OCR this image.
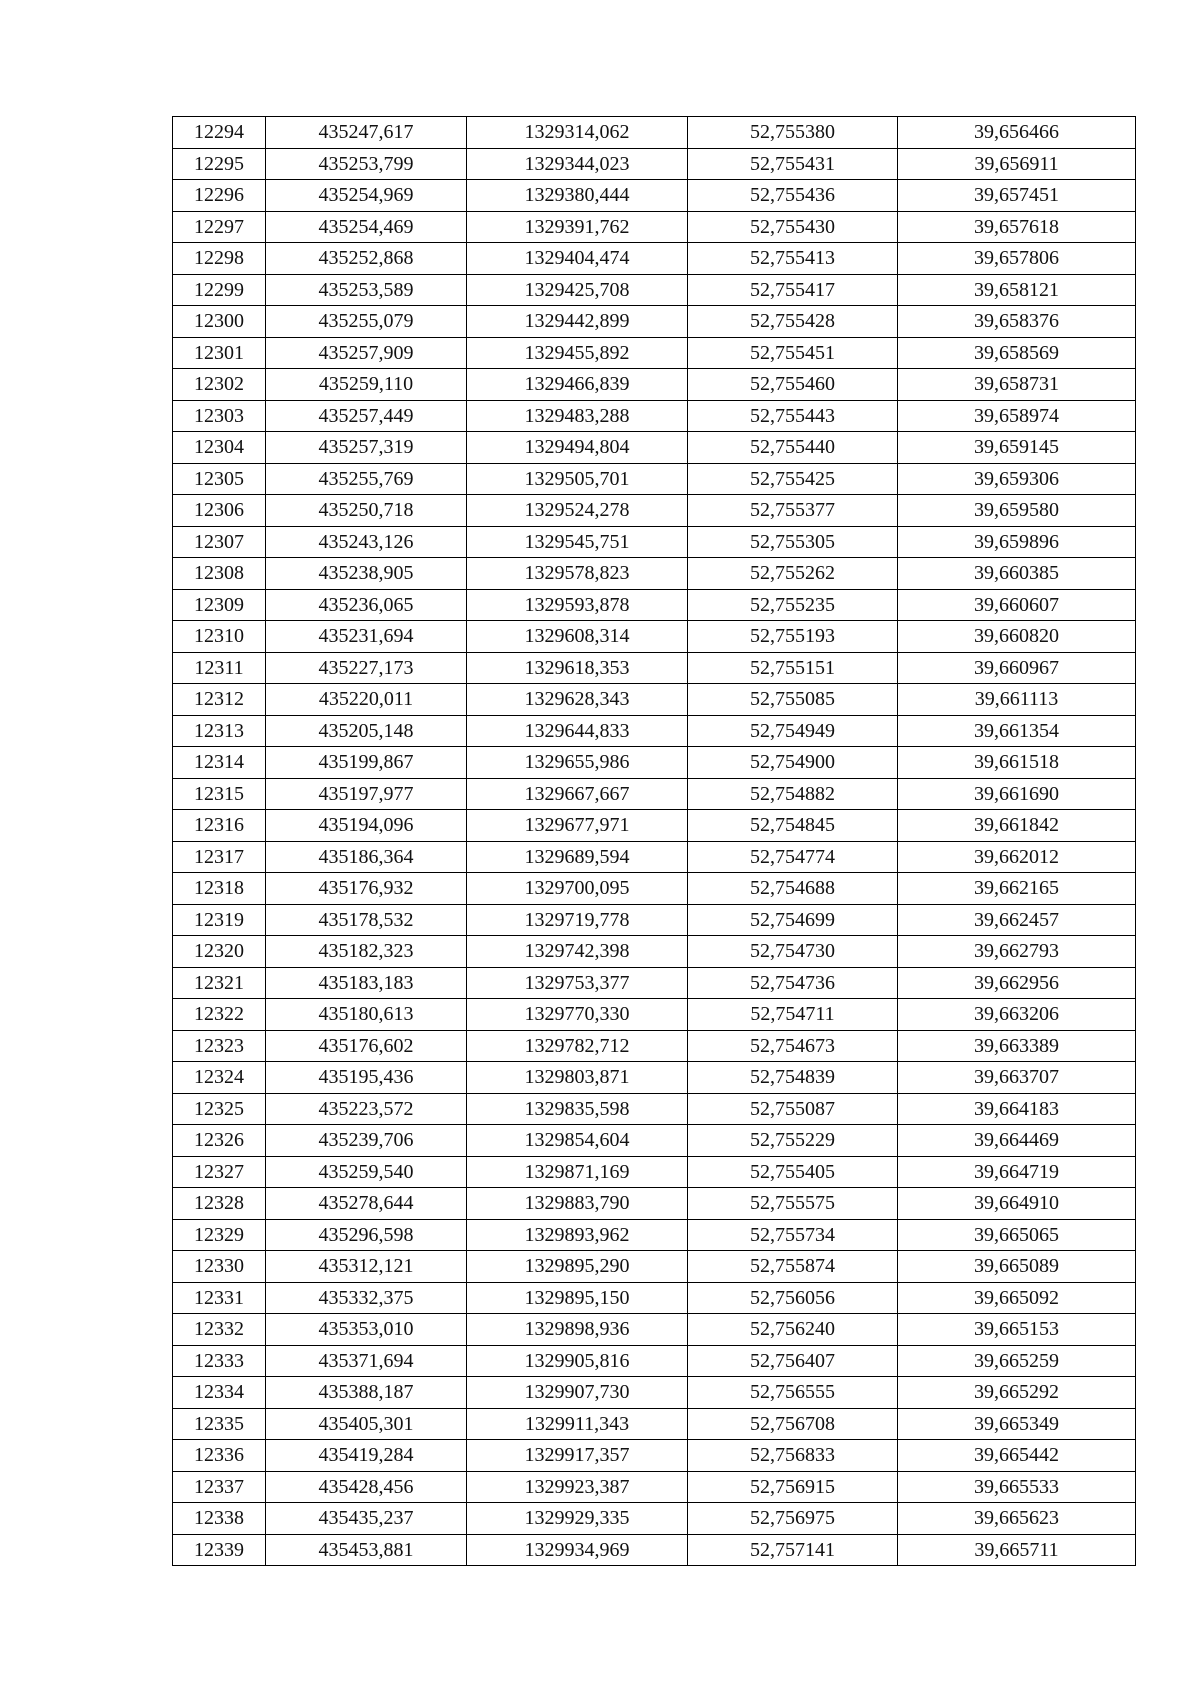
12294	435247,617	1329314,062	52,755380	39,656466
12295	435253,799	1329344,023	52,755431	39,656911
12296	435254,969	1329380,444	52,755436	39,657451
12297	435254,469	1329391,762	52,755430	39,657618
12298	435252,868	1329404,474	52,755413	39,657806
12299	435253,589	1329425,708	52,755417	39,658121
12300	435255,079	1329442,899	52,755428	39,658376
12301	435257,909	1329455,892	52,755451	39,658569
12302	435259,110	1329466,839	52,755460	39,658731
12303	435257,449	1329483,288	52,755443	39,658974
12304	435257,319	1329494,804	52,755440	39,659145
12305	435255,769	1329505,701	52,755425	39,659306
12306	435250,718	1329524,278	52,755377	39,659580
12307	435243,126	1329545,751	52,755305	39,659896
12308	435238,905	1329578,823	52,755262	39,660385
12309	435236,065	1329593,878	52,755235	39,660607
12310	435231,694	1329608,314	52,755193	39,660820
12311	435227,173	1329618,353	52,755151	39,660967
12312	435220,011	1329628,343	52,755085	39,661113
12313	435205,148	1329644,833	52,754949	39,661354
12314	435199,867	1329655,986	52,754900	39,661518
12315	435197,977	1329667,667	52,754882	39,661690
12316	435194,096	1329677,971	52,754845	39,661842
12317	435186,364	1329689,594	52,754774	39,662012
12318	435176,932	1329700,095	52,754688	39,662165
12319	435178,532	1329719,778	52,754699	39,662457
12320	435182,323	1329742,398	52,754730	39,662793
12321	435183,183	1329753,377	52,754736	39,662956
12322	435180,613	1329770,330	52,754711	39,663206
12323	435176,602	1329782,712	52,754673	39,663389
12324	435195,436	1329803,871	52,754839	39,663707
12325	435223,572	1329835,598	52,755087	39,664183
12326	435239,706	1329854,604	52,755229	39,664469
12327	435259,540	1329871,169	52,755405	39,664719
12328	435278,644	1329883,790	52,755575	39,664910
12329	435296,598	1329893,962	52,755734	39,665065
12330	435312,121	1329895,290	52,755874	39,665089
12331	435332,375	1329895,150	52,756056	39,665092
12332	435353,010	1329898,936	52,756240	39,665153
12333	435371,694	1329905,816	52,756407	39,665259
12334	435388,187	1329907,730	52,756555	39,665292
12335	435405,301	1329911,343	52,756708	39,665349
12336	435419,284	1329917,357	52,756833	39,665442
12337	435428,456	1329923,387	52,756915	39,665533
12338	435435,237	1329929,335	52,756975	39,665623
12339	435453,881	1329934,969	52,757141	39,665711
